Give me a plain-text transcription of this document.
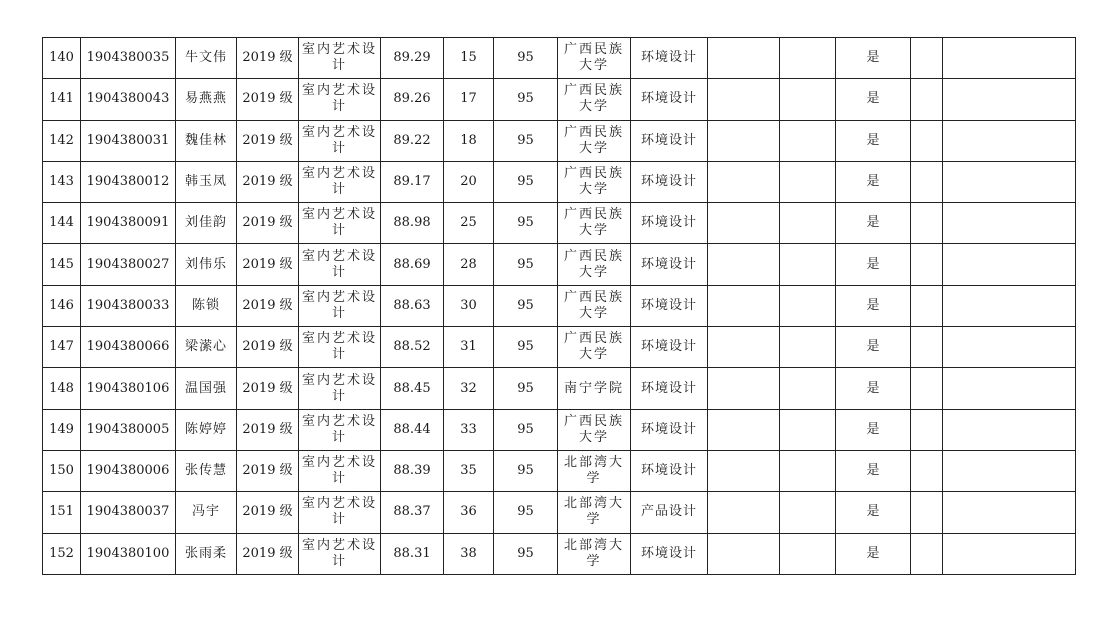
140	1904380035	牛文伟	2019 级	室内艺术设计	89.29	15	95	广西民族大学	环境设计			是		
141	1904380043	易燕燕	2019 级	室内艺术设计	89.26	17	95	广西民族大学	环境设计			是		
142	1904380031	魏佳林	2019 级	室内艺术设计	89.22	18	95	广西民族大学	环境设计			是		
143	1904380012	韩玉凤	2019 级	室内艺术设计	89.17	20	95	广西民族大学	环境设计			是		
144	1904380091	刘佳韵	2019 级	室内艺术设计	88.98	25	95	广西民族大学	环境设计			是		
145	1904380027	刘伟乐	2019 级	室内艺术设计	88.69	28	95	广西民族大学	环境设计			是		
146	1904380033	陈锁	2019 级	室内艺术设计	88.63	30	95	广西民族大学	环境设计			是		
147	1904380066	梁潆心	2019 级	室内艺术设计	88.52	31	95	广西民族大学	环境设计			是		
148	1904380106	温国强	2019 级	室内艺术设计	88.45	32	95	南宁学院	环境设计			是		
149	1904380005	陈婷婷	2019 级	室内艺术设计	88.44	33	95	广西民族大学	环境设计			是		
150	1904380006	张传慧	2019 级	室内艺术设计	88.39	35	95	北部湾大学	环境设计			是		
151	1904380037	冯宇	2019 级	室内艺术设计	88.37	36	95	北部湾大学	产品设计			是		
152	1904380100	张雨柔	2019 级	室内艺术设计	88.31	38	95	北部湾大学	环境设计			是		
